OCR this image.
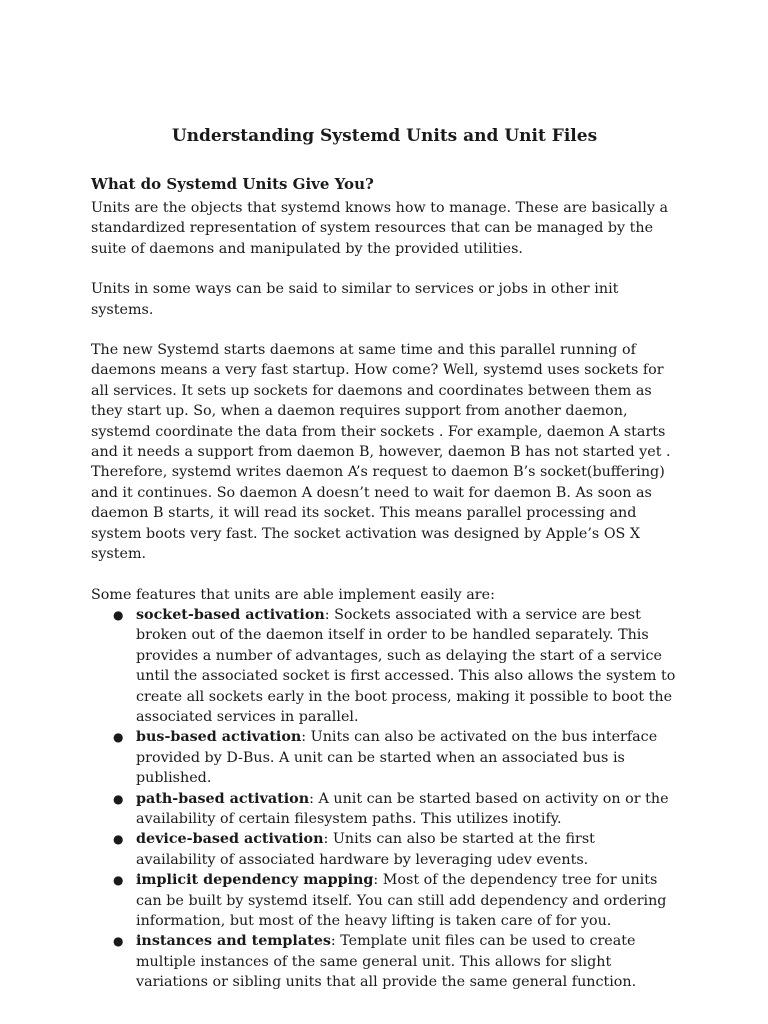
Understanding Systemd Units and Unit Files
What do Systemd Units Give You?

Units are the objects that systemd knows how to manage. These are basically a standardized representation of system resources that can be managed by the suite of daemons and manipulated by the provided utilities.

Units in some ways can be said to similar to services or jobs in other init systems.

The new Systemd starts daemons at same time and this parallel running of daemons means a very fast startup. How come? Well, systemd uses sockets for all services. It sets up sockets for daemons and coordinates between them as they start up. So, when a daemon requires support from another daemon, systemd coordinate the data from their sockets . For example, daemon A starts and it needs a support from daemon B, however, daemon B has not started yet . Therefore, systemd writes daemon A’s request to daemon B’s socket(buffering) and it continues. So daemon A doesn’t need to wait for daemon B. As soon as daemon B starts, it will read its socket. This means parallel processing and system boots very fast. The socket activation was designed by Apple’s OS X system.

Some features that units are able implement easily are:

● socket-based activation: Sockets associated with a service are best broken out of the daemon itself in order to be handled separately. This provides a number of advantages, such as delaying the start of a service until the associated socket is first accessed. This also allows the system to create all sockets early in the boot process, making it possible to boot the associated services in parallel.
● bus-based activation: Units can also be activated on the bus interface provided by D-Bus. A unit can be started when an associated bus is published.
● path-based activation: A unit can be started based on activity on or the availability of certain filesystem paths. This utilizes inotify.
● device-based activation: Units can also be started at the first availability of associated hardware by leveraging udev events.
● implicit dependency mapping: Most of the dependency tree for units can be built by systemd itself. You can still add dependency and ordering information, but most of the heavy lifting is taken care of for you.
● instances and templates: Template unit files can be used to create multiple instances of the same general unit. This allows for slight variations or sibling units that all provide the same general function.
